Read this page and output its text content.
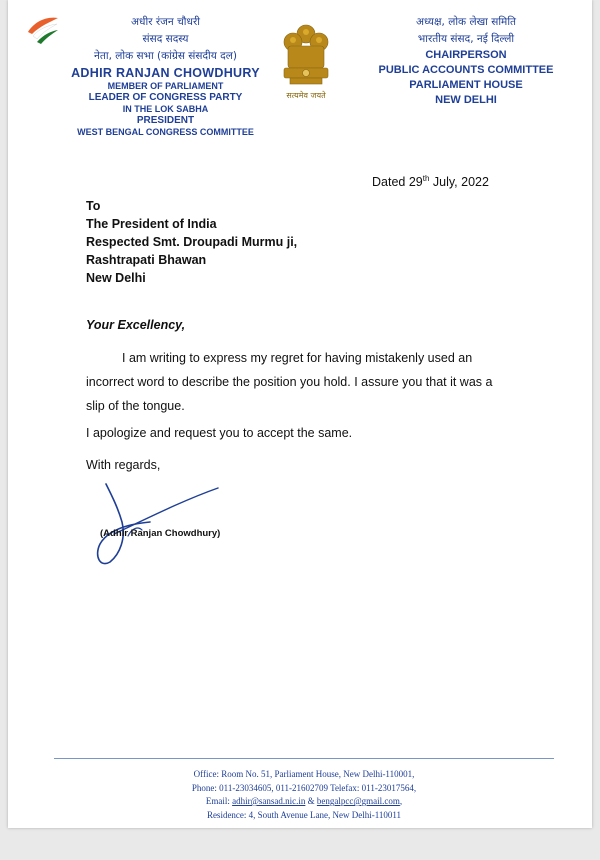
अधीर रंजन चौधरी
संसद सदस्य
नेता, लोक सभा (कांग्रेस संसदीय दल)
ADHIR RANJAN CHOWDHURY
MEMBER OF PARLIAMENT
LEADER OF CONGRESS PARTY
IN THE LOK SABHA
PRESIDENT
WEST BENGAL CONGRESS COMMITTEE
सत्यमेव जयते
अध्यक्ष, लोक लेखा समिति
भारतीय संसद, नई दिल्ली
CHAIRPERSON
PUBLIC ACCOUNTS COMMITTEE
PARLIAMENT HOUSE
NEW DELHI
Dated 29th July, 2022
To
The President of India
Respected Smt. Droupadi Murmu ji,
Rashtrapati Bhawan
New Delhi
Your Excellency,

I am writing to express my regret for having mistakenly used an incorrect word to describe the position you hold. I assure you that it was a slip of the tongue.

I apologize and request you to accept the same.
With regards,
(Adhir Ranjan Chowdhury)
Office: Room No. 51, Parliament House, New Delhi-110001,
Phone: 011-23034605, 011-21602709 Telefax: 011-23017564,
Email: adhir@sansad.nic.in & bengalpcc@gmail.com,
Residence: 4, South Avenue Lane, New Delhi-110011
